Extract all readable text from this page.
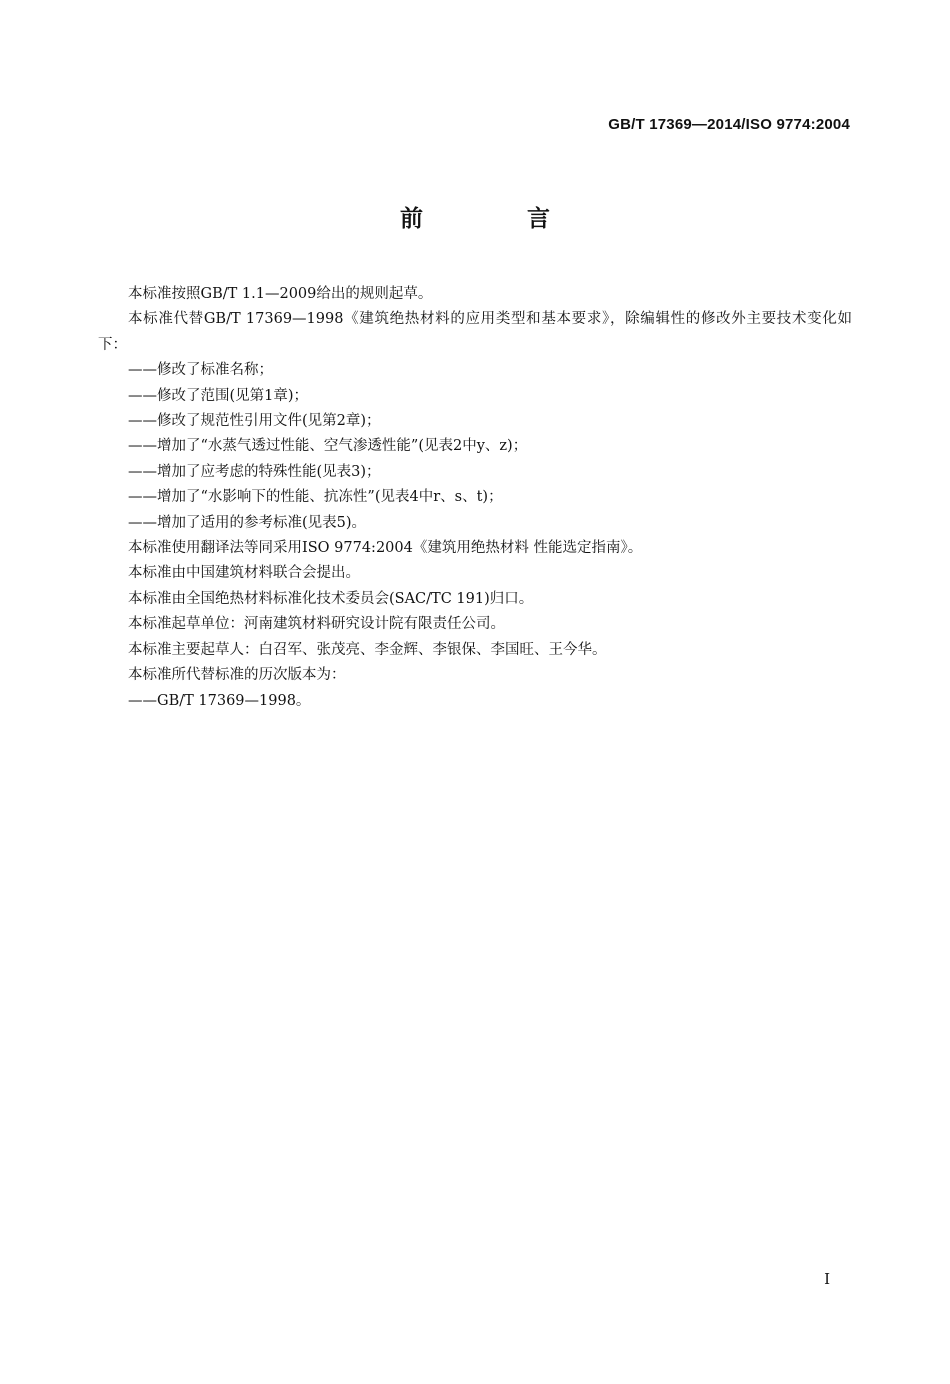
GB/T 17369—2014/ISO 9774:2004
前 言

本标准按照GB/T 1.1—2009给出的规则起草。

本标准代替GB/T 17369—1998《建筑绝热材料的应用类型和基本要求》，除编辑性的修改外主要技术变化如下：

——修改了标准名称；

——修改了范围(见第1章)；

——修改了规范性引用文件(见第2章)；

——增加了“水蒸气透过性能、空气渗透性能”(见表2中y、z)；

——增加了应考虑的特殊性能(见表3)；

——增加了“水影响下的性能、抗冻性”(见表4中r、s、t)；

——增加了适用的参考标准(见表5)。

本标准使用翻译法等同采用ISO 9774:2004《建筑用绝热材料 性能选定指南》。

本标准由中国建筑材料联合会提出。

本标准由全国绝热材料标准化技术委员会(SAC/TC 191)归口。

本标准起草单位：河南建筑材料研究设计院有限责任公司。

本标准主要起草人：白召军、张茂亮、李金辉、李银保、李国旺、王今华。

本标准所代替标准的历次版本为：

——GB/T 17369—1998。

I
